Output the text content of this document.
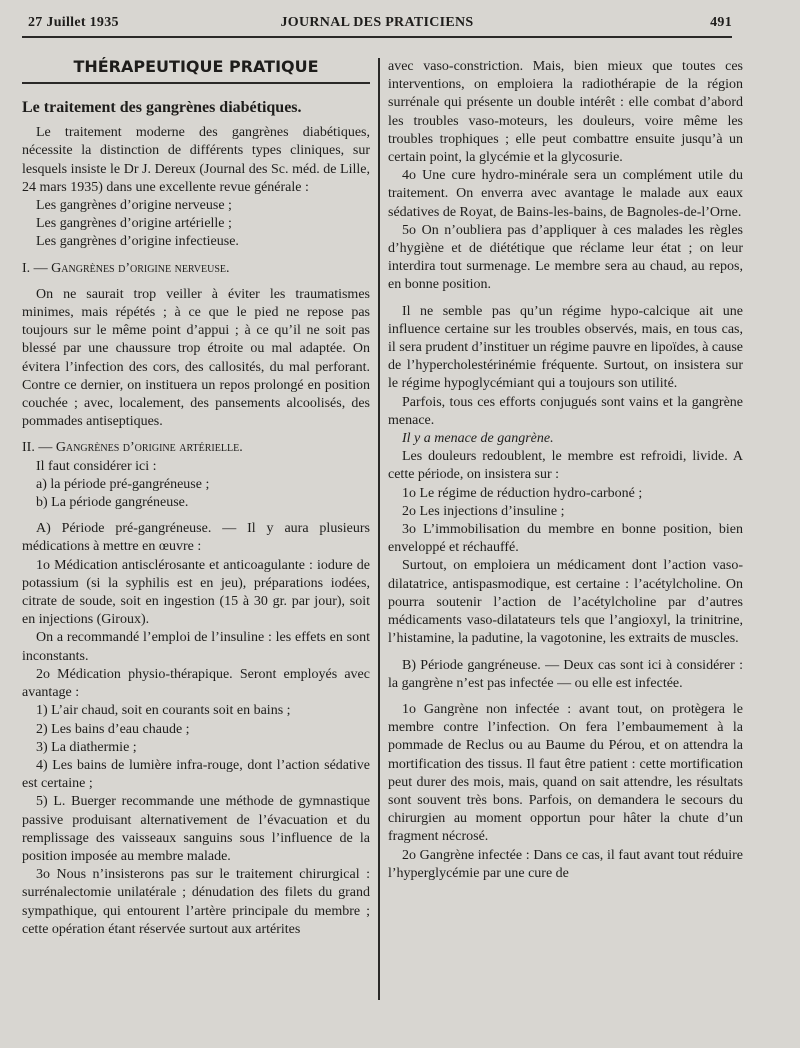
27 Juillet 1935	JOURNAL DES PRATICIENS	491
THÉRAPEUTIQUE PRATIQUE
Le traitement des gangrènes diabétiques.

Le traitement moderne des gangrènes diabétiques, nécessite la distinction de différents types cliniques, sur lesquels insiste le Dr J. Dereux (Journal des Sc. méd. de Lille, 24 mars 1935) dans une excellente revue générale :

Les gangrènes d’origine nerveuse ;

Les gangrènes d’origine artérielle ;

Les gangrènes d’origine infectieuse.

I. — Gangrènes d’origine nerveuse.

On ne saurait trop veiller à éviter les traumatismes minimes, mais répétés ; à ce que le pied ne repose pas toujours sur le même point d’appui ; à ce qu’il ne soit pas blessé par une chaussure trop étroite ou mal adaptée. On évitera l’infection des cors, des callosités, du mal perforant. Contre ce dernier, on instituera un repos prolongé en position couchée ; avec, localement, des pansements alcoolisés, des pommades antiseptiques.

II. — Gangrènes d’origine artérielle.

Il faut considérer ici :

a) la période pré-gangréneuse ;

b) La période gangréneuse.

A) Période pré-gangréneuse. — Il y aura plusieurs médications à mettre en œuvre :

1o Médication antisclérosante et anticoagulante : iodure de potassium (si la syphilis est en jeu), préparations iodées, citrate de soude, soit en ingestion (15 à 30 gr. par jour), soit en injections (Giroux).

On a recommandé l’emploi de l’insuline : les effets en sont inconstants.

2o Médication physio-thérapique. Seront employés avec avantage :

1) L’air chaud, soit en courants soit en bains ;

2) Les bains d’eau chaude ;

3) La diathermie ;

4) Les bains de lumière infra-rouge, dont l’action sédative est certaine ;

5) L. Buerger recommande une méthode de gymnastique passive produisant alternativement de l’évacuation et du remplissage des vaisseaux sanguins sous l’influence de la position imposée au membre malade.

3o Nous n’insisterons pas sur le traitement chirurgical : surrénalectomie unilatérale ; dénudation des filets du grand sympathique, qui entourent l’artère principale du membre ; cette opération étant réservée surtout aux artérites

avec vaso-constriction. Mais, bien mieux que toutes ces interventions, on emploiera la radiothérapie de la région surrénale qui présente un double intérêt : elle combat d’abord les troubles vaso-moteurs, les douleurs, voire même les troubles trophiques ; elle peut combattre ensuite jusqu’à un certain point, la glycémie et la glycosurie.

4o Une cure hydro-minérale sera un complément utile du traitement. On enverra avec avantage le malade aux eaux sédatives de Royat, de Bains-les-bains, de Bagnoles-de-l’Orne.

5o On n’oubliera pas d’appliquer à ces malades les règles d’hygiène et de diététique que réclame leur état ; on leur interdira tout surmenage. Le membre sera au chaud, au repos, en bonne position.

Il ne semble pas qu’un régime hypo-calcique ait une influence certaine sur les troubles observés, mais, en tous cas, il sera prudent d’instituer un régime pauvre en lipoïdes, à cause de l’hypercholestérinémie fréquente. Surtout, on insistera sur le régime hypoglycémiant qui a toujours son utilité.

Parfois, tous ces efforts conjugués sont vains et la gangrène menace.

Il y a menace de gangrène.

Les douleurs redoublent, le membre est refroidi, livide. A cette période, on insistera sur :

1o Le régime de réduction hydro-carboné ;

2o Les injections d’insuline ;

3o L’immobilisation du membre en bonne position, bien enveloppé et réchauffé.

Surtout, on emploiera un médicament dont l’action vaso-dilatatrice, antispasmodique, est certaine : l’acétylcholine. On pourra soutenir l’action de l’acétylcholine par d’autres médicaments vaso-dilatateurs tels que l’angioxyl, la trinitrine, l’histamine, la padutine, la vagotonine, les extraits de muscles.

B) Période gangréneuse. — Deux cas sont ici à considérer : la gangrène n’est pas infectée — ou elle est infectée.

1o Gangrène non infectée : avant tout, on protègera le membre contre l’infection. On fera l’embaumement à la pommade de Reclus ou au Baume du Pérou, et on attendra la mortification des tissus. Il faut être patient : cette mortification peut durer des mois, mais, quand on sait attendre, les résultats sont souvent très bons. Parfois, on demandera le secours du chirurgien au moment opportun pour hâter la chute d’un fragment nécrosé.

2o Gangrène infectée : Dans ce cas, il faut avant tout réduire l’hyperglycémie par une cure de
